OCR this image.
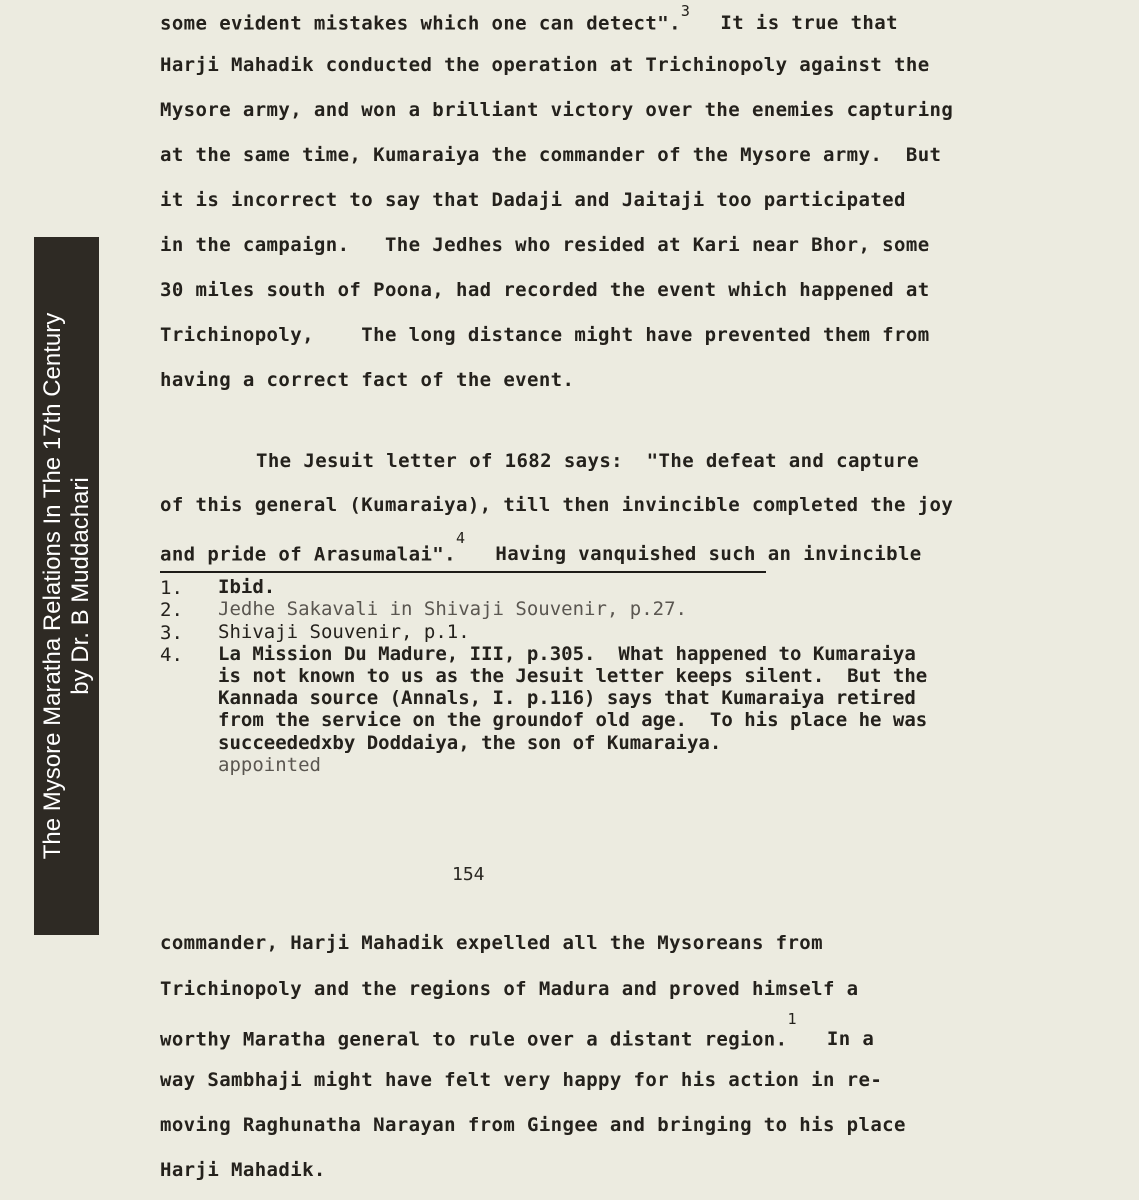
The Mysore Maratha Relations In The 17th Century by Dr. B Muddachari
some evident mistakes which one can detect".$^3$It is true that
Harji Mahadik conducted the operation at Trichinopoly against the
Mysore army, and won a brilliant victory over the enemies capturing
at the same time, Kumaraiya the commander of the Mysore army.  But
it is incorrect to say that Dadaji and Jaitaji too participated
in the campaign.   The Jedhes who resided at Kari near Bhor, some
30 miles south of Poona, had recorded the event which happened at
Trichinopoly,    The long distance might have prevented them from
having a correct fact of the event.
The Jesuit letter of 1682 says:  "The defeat and capture
of this general (Kumaraiya), till then invincible completed the joy
and pride of Arasumalai".$^4$Having vanquished such an invincible
1. Ibid.
2. Jedhe Sakavali in Shivaji Souvenir, p.27.
3. Shivaji Souvenir, p.1.
4. La Mission Du Madure, III, p.305.  What happened to Kumaraiya
is not known to us as the Jesuit letter keeps silent.  But the
Kannada source (Annals, I. p.116) says that Kumaraiya retired
from the service on the groundof old age.  To his place he was
succeededxby Doddaiya, the son of Kumaraiya.
appointed
154
commander, Harji Mahadik expelled all the Mysoreans from
Trichinopoly and the regions of Madura and proved himself a
worthy Maratha general to rule over a distant region.$^1$In a
way Sambhaji might have felt very happy for his action in re-
moving Raghunatha Narayan from Gingee and bringing to his place
Harji Mahadik.
